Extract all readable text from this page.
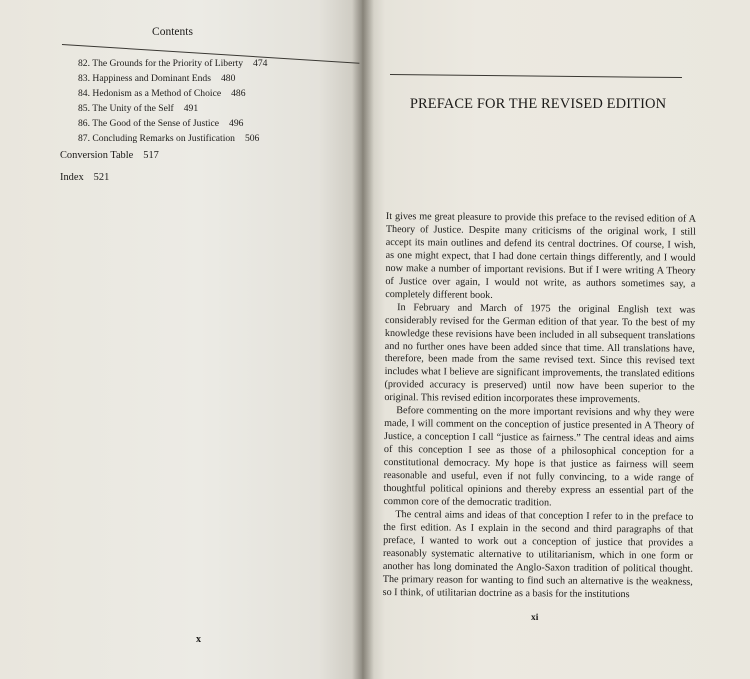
Contents
82. The Grounds for the Priority of Liberty 474
83. Happiness and Dominant Ends 480
84. Hedonism as a Method of Choice 486
85. The Unity of the Self 491
86. The Good of the Sense of Justice 496
87. Concluding Remarks on Justification 506
Conversion Table 517
Index 521
x
PREFACE FOR THE REVISED EDITION

It gives me great pleasure to provide this preface to the revised edition of A Theory of Justice. Despite many criticisms of the original work, I still accept its main outlines and defend its central doctrines. Of course, I wish, as one might expect, that I had done certain things differently, and I would now make a number of important revisions. But if I were writing A Theory of Justice over again, I would not write, as authors sometimes say, a completely different book.

In February and March of 1975 the original English text was considerably revised for the German edition of that year. To the best of my knowledge these revisions have been included in all subsequent translations and no further ones have been added since that time. All translations have, therefore, been made from the same revised text. Since this revised text includes what I believe are significant improvements, the translated editions (provided accuracy is preserved) until now have been superior to the original. This revised edition incorporates these improvements.

Before commenting on the more important revisions and why they were made, I will comment on the conception of justice presented in A Theory of Justice, a conception I call “justice as fairness.” The central ideas and aims of this conception I see as those of a philosophical conception for a constitutional democracy. My hope is that justice as fairness will seem reasonable and useful, even if not fully convincing, to a wide range of thoughtful political opinions and thereby express an essential part of the common core of the democratic tradition.

The central aims and ideas of that conception I refer to in the preface to the first edition. As I explain in the second and third paragraphs of that preface, I wanted to work out a conception of justice that provides a reasonably systematic alternative to utilitarianism, which in one form or another has long dominated the Anglo-Saxon tradition of political thought. The primary reason for wanting to find such an alternative is the weakness, so I think, of utilitarian doctrine as a basis for the institutions

xi
